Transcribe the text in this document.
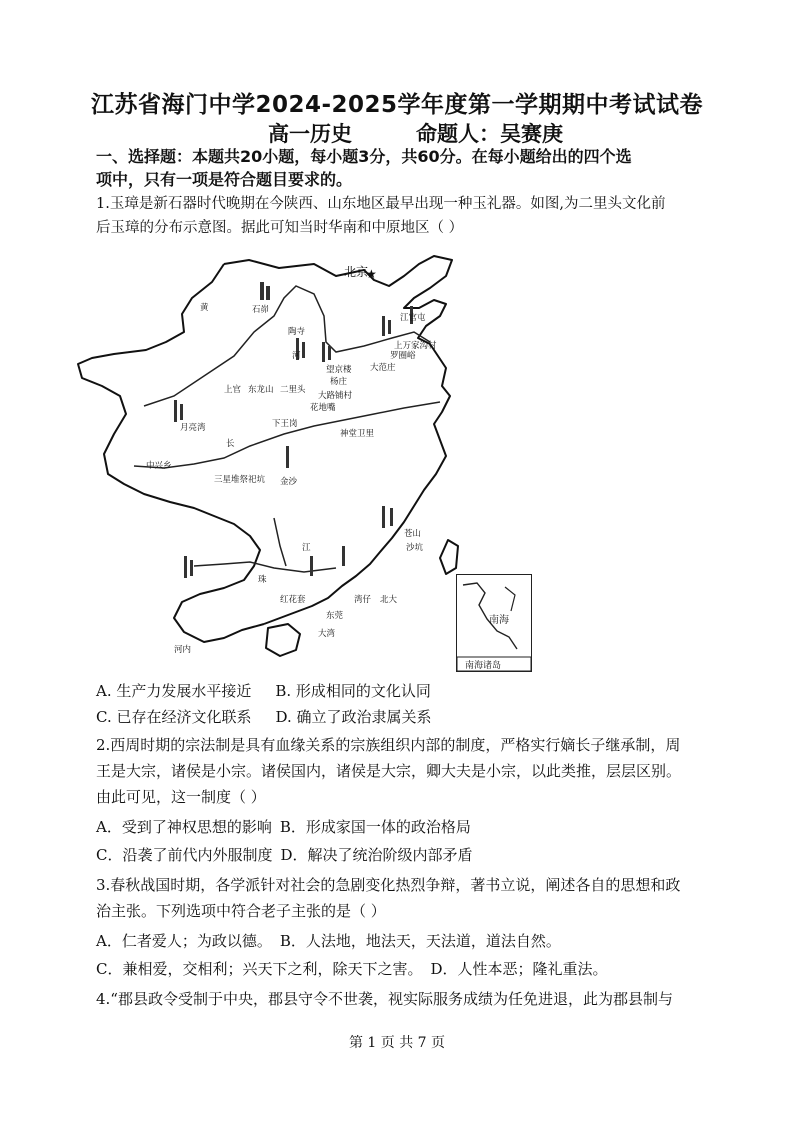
江苏省海门中学2024-2025学年度第一学期期中考试试卷
高一历史	命题人：吴赛庚
一、选择题：本题共20小题，每小题3分，共60分。在每小题给出的四个选
项中，只有一项是符合题目要求的。
1.玉璋是新石器时代晚期在今陕西、山东地区最早出现一种玉礼器。如图,为二里头文化前
后玉璋的分布示意图。据此可知当时华南和中原地区（ ）
北京
★
黄
河
长
江
珠
石峁
陶寺
二里头
东龙山
上官
花地嘴
下王岗
三星堆祭祀坑 金沙
中兴乡
月亮湾
大范庄
江官屯
上万家沟村
罗圈峪
神堂卫里
望京楼
杨庄
大路铺村
苍山
沙坑
红花套
大湾
东莞
湾仔 北大
河内
南海
南海诸岛
A. 生产力发展水平接近 B. 形成相同的文化认同
C. 已存在经济文化联系 D. 确立了政治隶属关系
2.西周时期的宗法制是具有血缘关系的宗族组织内部的制度，严格实行嫡长子继承制，周
王是大宗，诸侯是小宗。诸侯国内，诸侯是大宗，卿大夫是小宗，以此类推，层层区别。
由此可见，这一制度（ ）
A．受到了神权思想的影响 B．形成家国一体的政治格局
C．沿袭了前代内外服制度 D．解决了统治阶级内部矛盾
3.春秋战国时期，各学派针对社会的急剧变化热烈争辩，著书立说，阐述各自的思想和政
治主张。下列选项中符合老子主张的是（ ）
A．仁者爱人；为政以德。 B．人法地，地法天，天法道，道法自然。
C．兼相爱，交相利；兴天下之利，除天下之害。 D．人性本恶；隆礼重法。
4.“郡县政令受制于中央，郡县守令不世袭，视实际服务成绩为任免进退，此为郡县制与
第 1 页 共 7 页
